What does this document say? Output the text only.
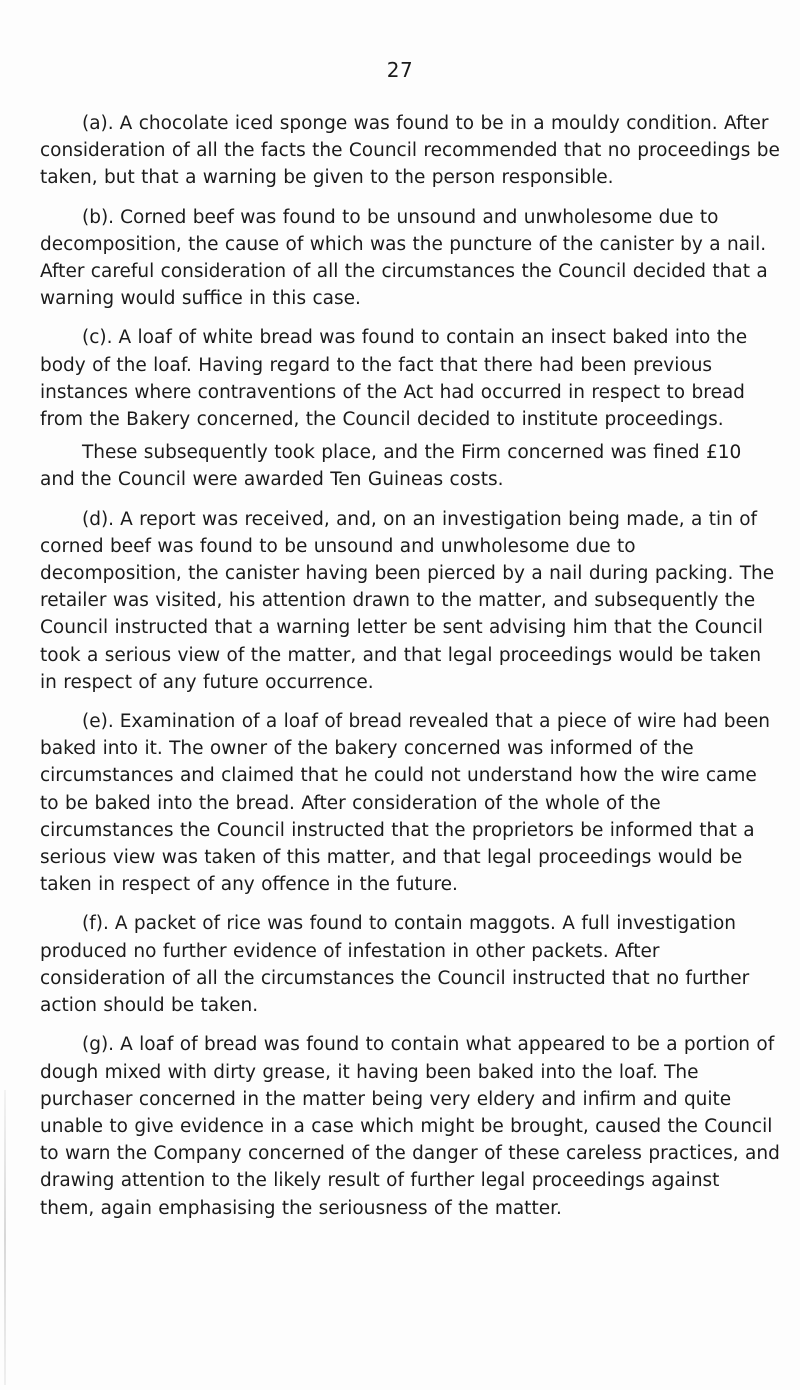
27

(a). A chocolate iced sponge was found to be in a mouldy condition. After consideration of all the facts the Council recommended that no proceedings be taken, but that a warning be given to the person responsible.

(b). Corned beef was found to be unsound and unwholesome due to decomposition, the cause of which was the puncture of the canister by a nail. After careful consideration of all the circumstances the Council decided that a warning would suffice in this case.

(c). A loaf of white bread was found to contain an insect baked into the body of the loaf. Having regard to the fact that there had been previous instances where contraventions of the Act had occurred in respect to bread from the Bakery concerned, the Council decided to institute proceedings.

These subsequently took place, and the Firm concerned was fined £10 and the Council were awarded Ten Guineas costs.

(d). A report was received, and, on an investigation being made, a tin of corned beef was found to be unsound and unwholesome due to decomposition, the canister having been pierced by a nail during packing. The retailer was visited, his attention drawn to the matter, and subsequently the Council instructed that a warning letter be sent advising him that the Council took a serious view of the matter, and that legal proceedings would be taken in respect of any future occurrence.

(e). Examination of a loaf of bread revealed that a piece of wire had been baked into it. The owner of the bakery concerned was informed of the circumstances and claimed that he could not understand how the wire came to be baked into the bread. After consideration of the whole of the circumstances the Council instructed that the proprietors be informed that a serious view was taken of this matter, and that legal proceedings would be taken in respect of any offence in the future.

(f). A packet of rice was found to contain maggots. A full investigation produced no further evidence of infestation in other packets. After consideration of all the circumstances the Council instructed that no further action should be taken.

(g). A loaf of bread was found to contain what appeared to be a portion of dough mixed with dirty grease, it having been baked into the loaf. The purchaser concerned in the matter being very eldery and infirm and quite unable to give evidence in a case which might be brought, caused the Council to warn the Company concerned of the danger of these careless practices, and drawing attention to the likely result of further legal proceedings against them, again emphasising the seriousness of the matter.
